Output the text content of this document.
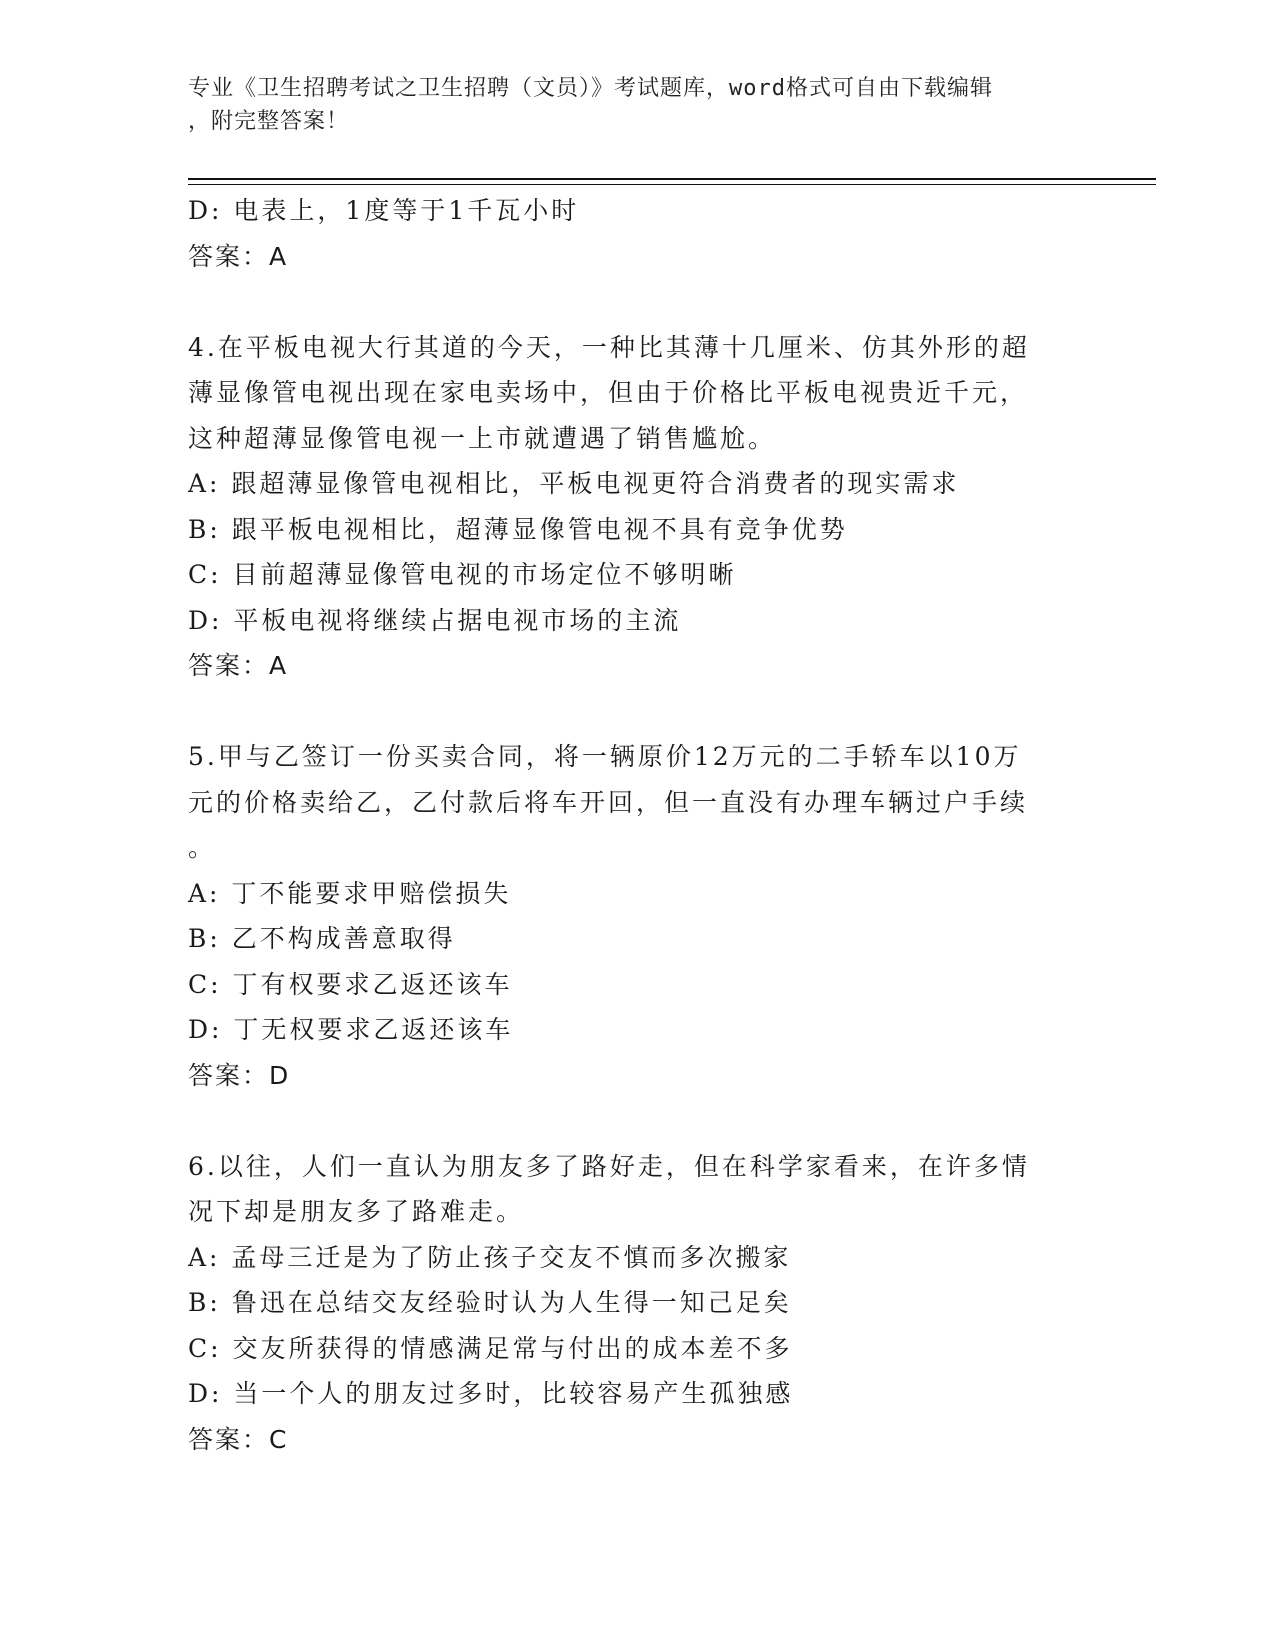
专业《卫生招聘考试之卫生招聘（文员）》考试题库，word格式可自由下载编辑
，附完整答案！
D: 电表上，1度等于1千瓦小时
答案：A
4.在平板电视大行其道的今天，一种比其薄十几厘米、仿其外形的超
薄显像管电视出现在家电卖场中，但由于价格比平板电视贵近千元，
这种超薄显像管电视一上市就遭遇了销售尴尬。
A: 跟超薄显像管电视相比，平板电视更符合消费者的现实需求
B: 跟平板电视相比，超薄显像管电视不具有竞争优势
C: 目前超薄显像管电视的市场定位不够明晰
D: 平板电视将继续占据电视市场的主流
答案：A
5.甲与乙签订一份买卖合同，将一辆原价12万元的二手轿车以10万
元的价格卖给乙，乙付款后将车开回，但一直没有办理车辆过户手续
。
A: 丁不能要求甲赔偿损失
B: 乙不构成善意取得
C: 丁有权要求乙返还该车
D: 丁无权要求乙返还该车
答案：D
6.以往，人们一直认为朋友多了路好走，但在科学家看来，在许多情
况下却是朋友多了路难走。
A: 孟母三迁是为了防止孩子交友不慎而多次搬家
B: 鲁迅在总结交友经验时认为人生得一知己足矣
C: 交友所获得的情感满足常与付出的成本差不多
D: 当一个人的朋友过多时，比较容易产生孤独感
答案：C
